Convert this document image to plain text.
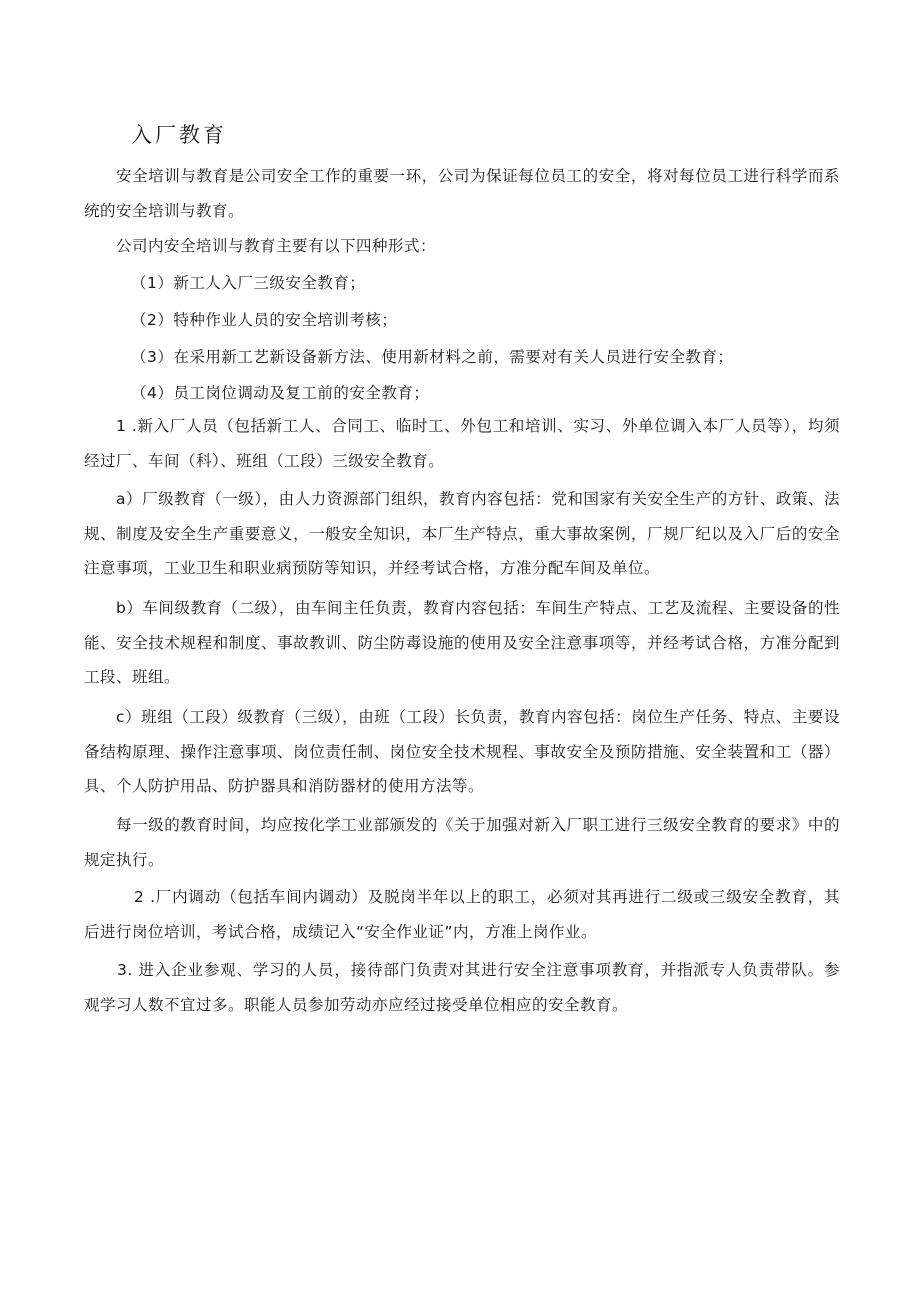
入厂教育

安全培训与教育是公司安全工作的重要一环，公司为保证每位员工的安全，将对每位员工进行科学而系统的安全培训与教育。

公司内安全培训与教育主要有以下四种形式：

（1）新工人入厂三级安全教育；

（2）特种作业人员的安全培训考核；

（3）在采用新工艺新设备新方法、使用新材料之前，需要对有关人员进行安全教育；

（4）员工岗位调动及复工前的安全教育；

1 .新入厂人员（包括新工人、合同工、临时工、外包工和培训、实习、外单位调入本厂人员等），均须经过厂、车间（科）、班组（工段）三级安全教育。

a）厂级教育（一级），由人力资源部门组织，教育内容包括：党和国家有关安全生产的方针、政策、法规、制度及安全生产重要意义，一般安全知识，本厂生产特点，重大事故案例，厂规厂纪以及入厂后的安全注意事项，工业卫生和职业病预防等知识，并经考试合格，方准分配车间及单位。

b）车间级教育（二级），由车间主任负责，教育内容包括：车间生产特点、工艺及流程、主要设备的性能、安全技术规程和制度、事故教训、防尘防毒设施的使用及安全注意事项等，并经考试合格，方准分配到工段、班组。

c）班组（工段）级教育（三级），由班（工段）长负责，教育内容包括：岗位生产任务、特点、主要设备结构原理、操作注意事项、岗位责任制、岗位安全技术规程、事故安全及预防措施、安全装置和工（器）具、个人防护用品、防护器具和消防器材的使用方法等。

每一级的教育时间，均应按化学工业部颁发的《关于加强对新入厂职工进行三级安全教育的要求》中的规定执行。

2 .厂内调动（包括车间内调动）及脱岗半年以上的职工，必须对其再进行二级或三级安全教育，其后进行岗位培训，考试合格，成绩记入“安全作业证”内，方准上岗作业。

3. 进入企业参观、学习的人员，接待部门负责对其进行安全注意事项教育，并指派专人负责带队。参观学习人数不宜过多。职能人员参加劳动亦应经过接受单位相应的安全教育。
